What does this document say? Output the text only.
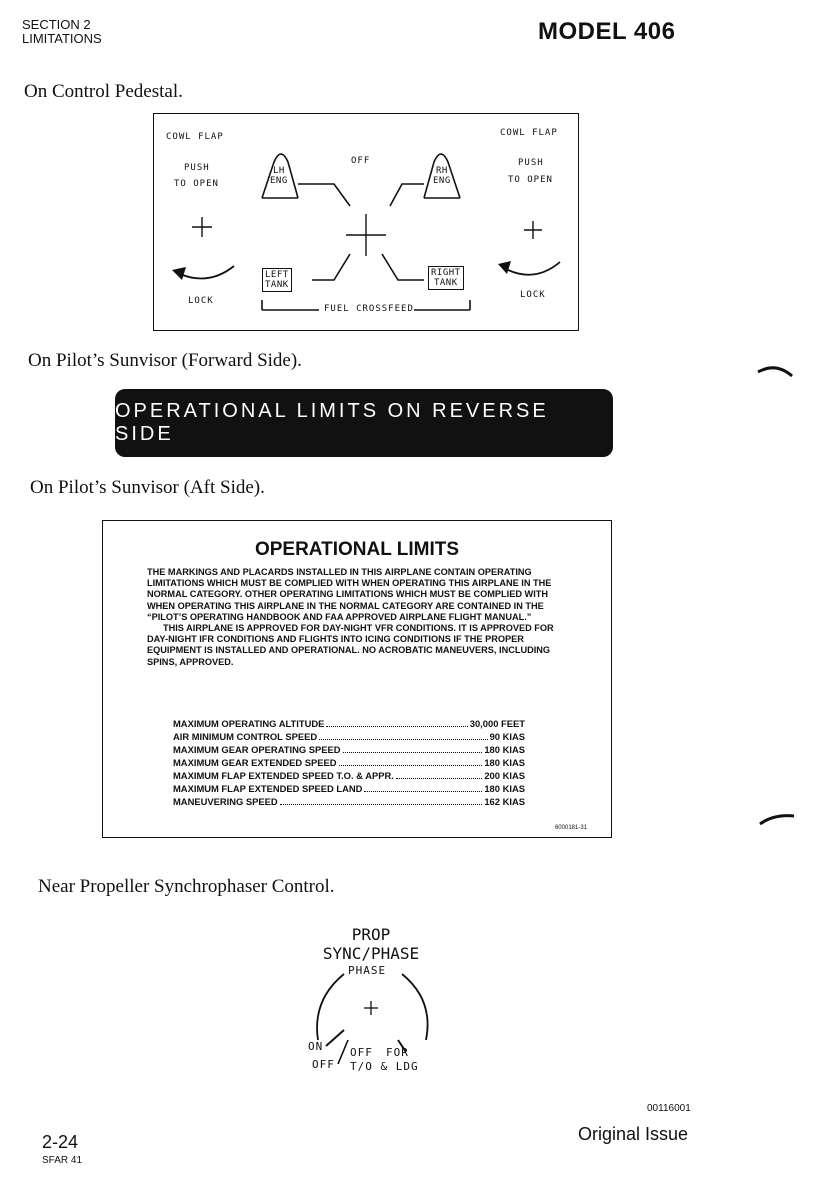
SECTION 2
LIMITATIONS	MODEL 406
On Control Pedestal.
COWL FLAP	COWL FLAP
PUSH
TO OPEN
PUSH
TO OPEN
OFF
LOCK
LOCK
FUEL CROSSFEED
LH
ENG
RH
ENG
LEFT
TANK
RIGHT
TANK
On Pilot’s Sunvisor (Forward Side).
OPERATIONAL LIMITS ON REVERSE SIDE
On Pilot’s Sunvisor (Aft Side).
OPERATIONAL LIMITS
THE MARKINGS AND PLACARDS INSTALLED IN THIS AIRPLANE CONTAIN OPERATING LIMITATIONS WHICH MUST BE COMPLIED WITH WHEN OPERATING THIS AIRPLANE IN THE NORMAL CATEGORY. OTHER OPERATING LIMITATIONS WHICH MUST BE COMPLIED WITH WHEN OPERATING THIS AIRPLANE IN THE NORMAL CATEGORY ARE CONTAINED IN THE “PILOT’S OPERATING HANDBOOK AND FAA APPROVED AIRPLANE FLIGHT MANUAL.”
THIS AIRPLANE IS APPROVED FOR DAY-NIGHT VFR CONDITIONS. IT IS APPROVED FOR DAY-NIGHT IFR CONDITIONS AND FLIGHTS INTO ICING CONDITIONS IF THE PROPER EQUIPMENT IS INSTALLED AND OPERATIONAL. NO ACROBATIC MANEUVERS, INCLUDING SPINS, APPROVED.
MAXIMUM OPERATING ALTITUDE	30,000 FEET
AIR MINIMUM CONTROL SPEED	90 KIAS
MAXIMUM GEAR OPERATING SPEED	180 KIAS
MAXIMUM GEAR EXTENDED SPEED	180 KIAS
MAXIMUM FLAP EXTENDED SPEED T.O. & APPR.	200 KIAS
MAXIMUM FLAP EXTENDED SPEED LAND	180 KIAS
MANEUVERING SPEED	162 KIAS
6000181-31
Near Propeller Synchrophaser Control.
PROP
SYNC/PHASE
PHASE
ON OFF FOR
OFF T/O & LDG
00116001
Original Issue
2-24
SFAR 41
